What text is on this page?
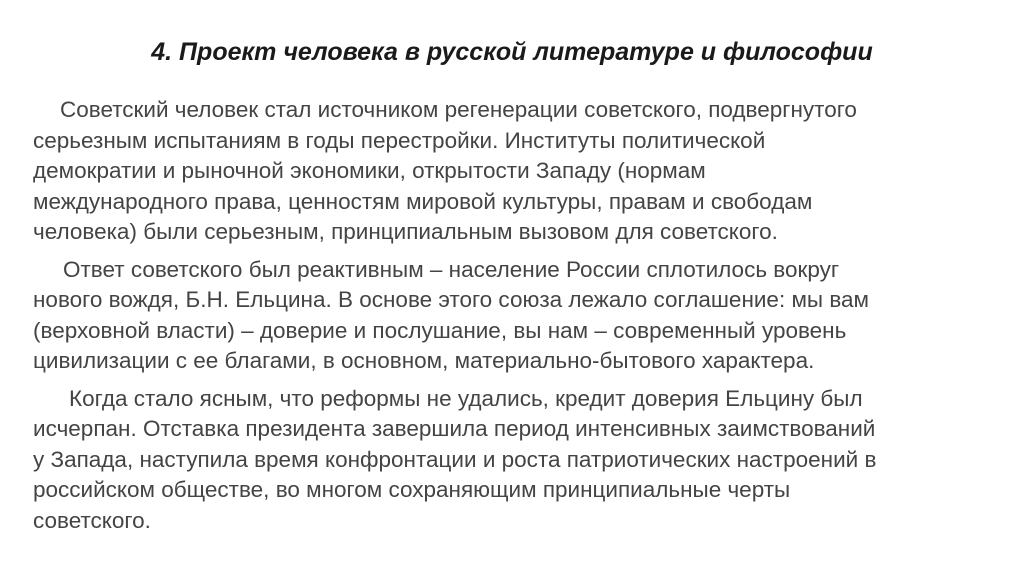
4. Проект человека в русской литературе и философии

Советский человек стал источником регенерации советского, подвергнутого
серьезным испытаниям в годы перестройки. Институты политической
демократии и рыночной экономики, открытости Западу (нормам
международного права, ценностям мировой культуры, правам и свободам
человека) были серьезным, принципиальным вызовом для советского.

Ответ советского был реактивным – население России сплотилось вокруг
нового вождя, Б.Н. Ельцина. В основе этого союза лежало соглашение: мы вам
(верховной власти) – доверие и послушание, вы нам – современный уровень
цивилизации с ее благами, в основном, материально-бытового характера.

Когда стало ясным, что реформы не удались, кредит доверия Ельцину был
исчерпан. Отставка президента завершила период интенсивных заимствований
у Запада, наступила время конфронтации и роста патриотических настроений в
российском обществе, во многом сохраняющим принципиальные черты
советского.
